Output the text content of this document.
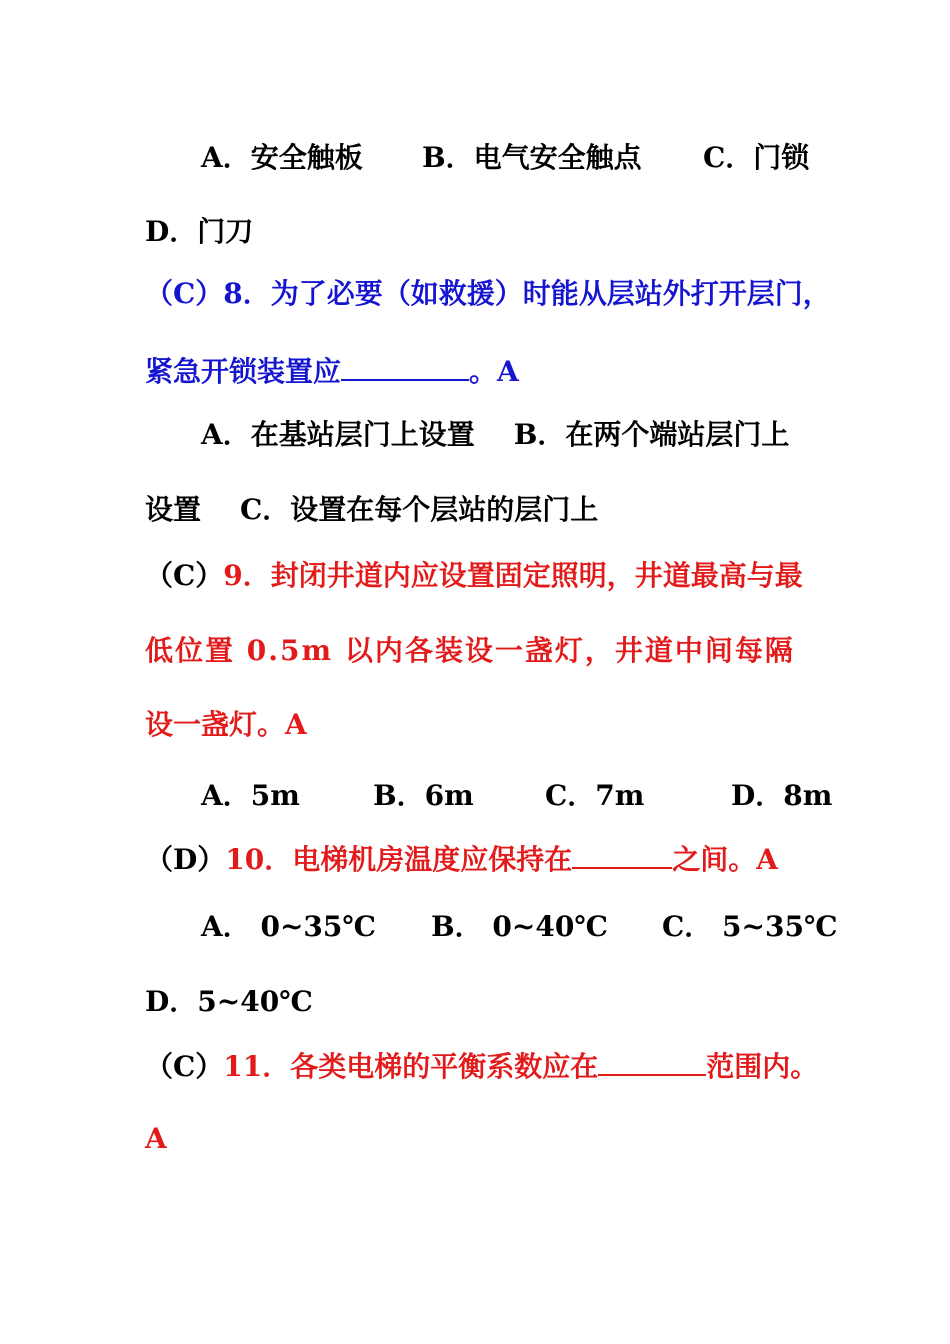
A．安全触板 B．电气安全触点 C．门锁
D．门刀
（C）8．为了必要（如救援）时能从层站外打开层门，
紧急开锁装置应	。A
A．在基站层门上设置    B．在两个端站层门上
设置    C．设置在每个层站的层门上
（C）9．封闭井道内应设置固定照明，井道最高与最
低位置 0.5m 以内各装设一盏灯，井道中间每隔
设一盏灯。A
A．5m	B．6m	C．7m	D．8m
（D）10．电梯机房温度应保持在	之间。A
A． 0~35℃ B． 0~40℃ C． 5~35℃
D．5~40℃
（C）11．各类电梯的平衡系数应在	范围内。
A
